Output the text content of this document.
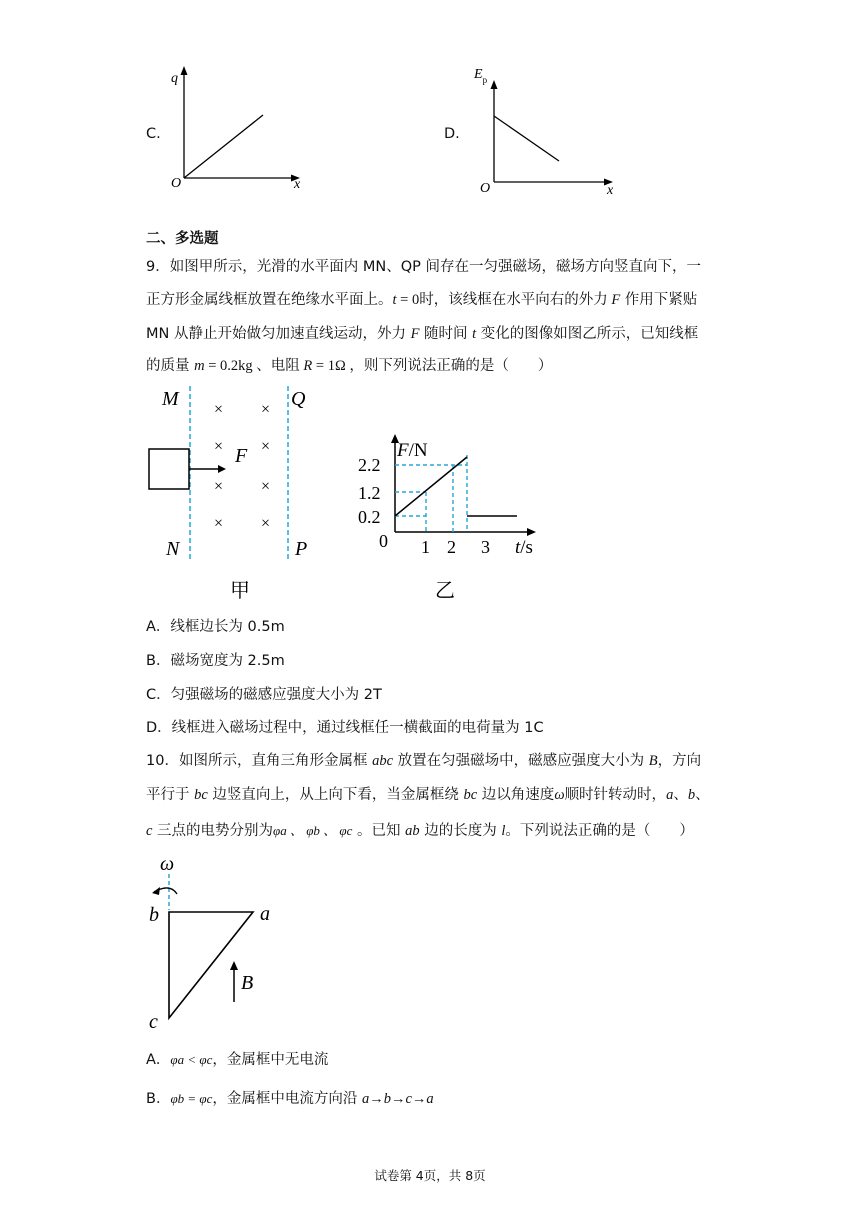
C.
q
O	x
D.
$E_p$
O	x
二、多选题
9．如图甲所示，光滑的水平面内 MN、QP 间存在一匀强磁场，磁场方向竖直向下，一
正方形金属线框放置在绝缘水平面上。t = 0时，该线框在水平向右的外力 F 作用下紧贴
MN 从静止开始做匀加速直线运动，外力 F 随时间 t 变化的图像如图乙所示，已知线框
的质量 m = 0.2kg 、电阻 R = 1Ω ，则下列说法正确的是（　　）
M
N
Q
P
F
× ×
× ×
× ×
× ×
甲
F/N
2.2
1.2
0.2
0 1 2 3 t/s
乙
A．线框边长为 0.5m
B．磁场宽度为 2.5m
C．匀强磁场的磁感应强度大小为 2T
D．线框进入磁场过程中，通过线框任一横截面的电荷量为 1C
10．如图所示，直角三角形金属框 abc 放置在匀强磁场中，磁感应强度大小为 B，方向
平行于 bc 边竖直向上，从上向下看，当金属框绕 bc 边以角速度ω顺时针转动时，a、b、
c 三点的电势分别为φa 、 φb 、 φc 。已知 ab 边的长度为 l。下列说法正确的是（　　）
ω
b	a
c
B
A．φa < φc，金属框中无电流
B．φb = φc，金属框中电流方向沿 a→b→c→a
试卷第 4页，共 8页
